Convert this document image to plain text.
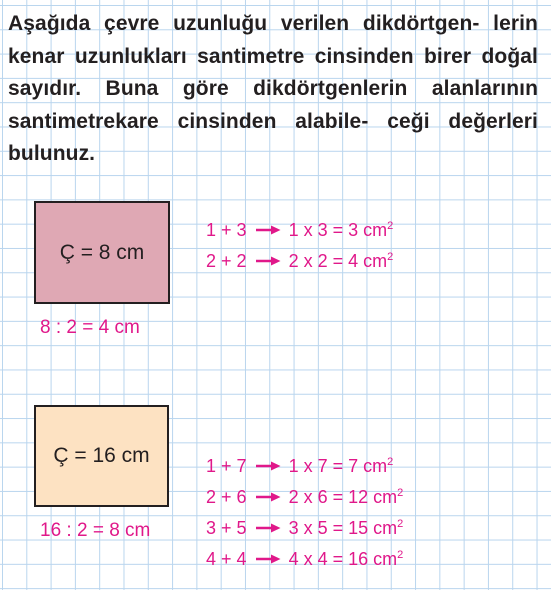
Aşağıda çevre uzunluğu verilen dikdörtgen- lerin kenar uzunlukları santimetre cinsinden birer doğal sayıdır. Buna göre dikdörtgenlerin alanlarının santimetrekare cinsinden alabile- ceği değerleri bulunuz.
Ç = 8 cm
8 : 2 = 4 cm
1 + 3 1 x 3 = 3 $cm^2$
2 + 2 2 x 2 = 4 $cm^2$
Ç = 16 cm
16 : 2 = 8 cm
1 + 7 1 x 7 = 7 $cm^2$
2 + 6 2 x 6 = 12 $cm^2$
3 + 5 3 x 5 = 15 $cm^2$
4 + 4 4 x 4 = 16 $cm^2$
